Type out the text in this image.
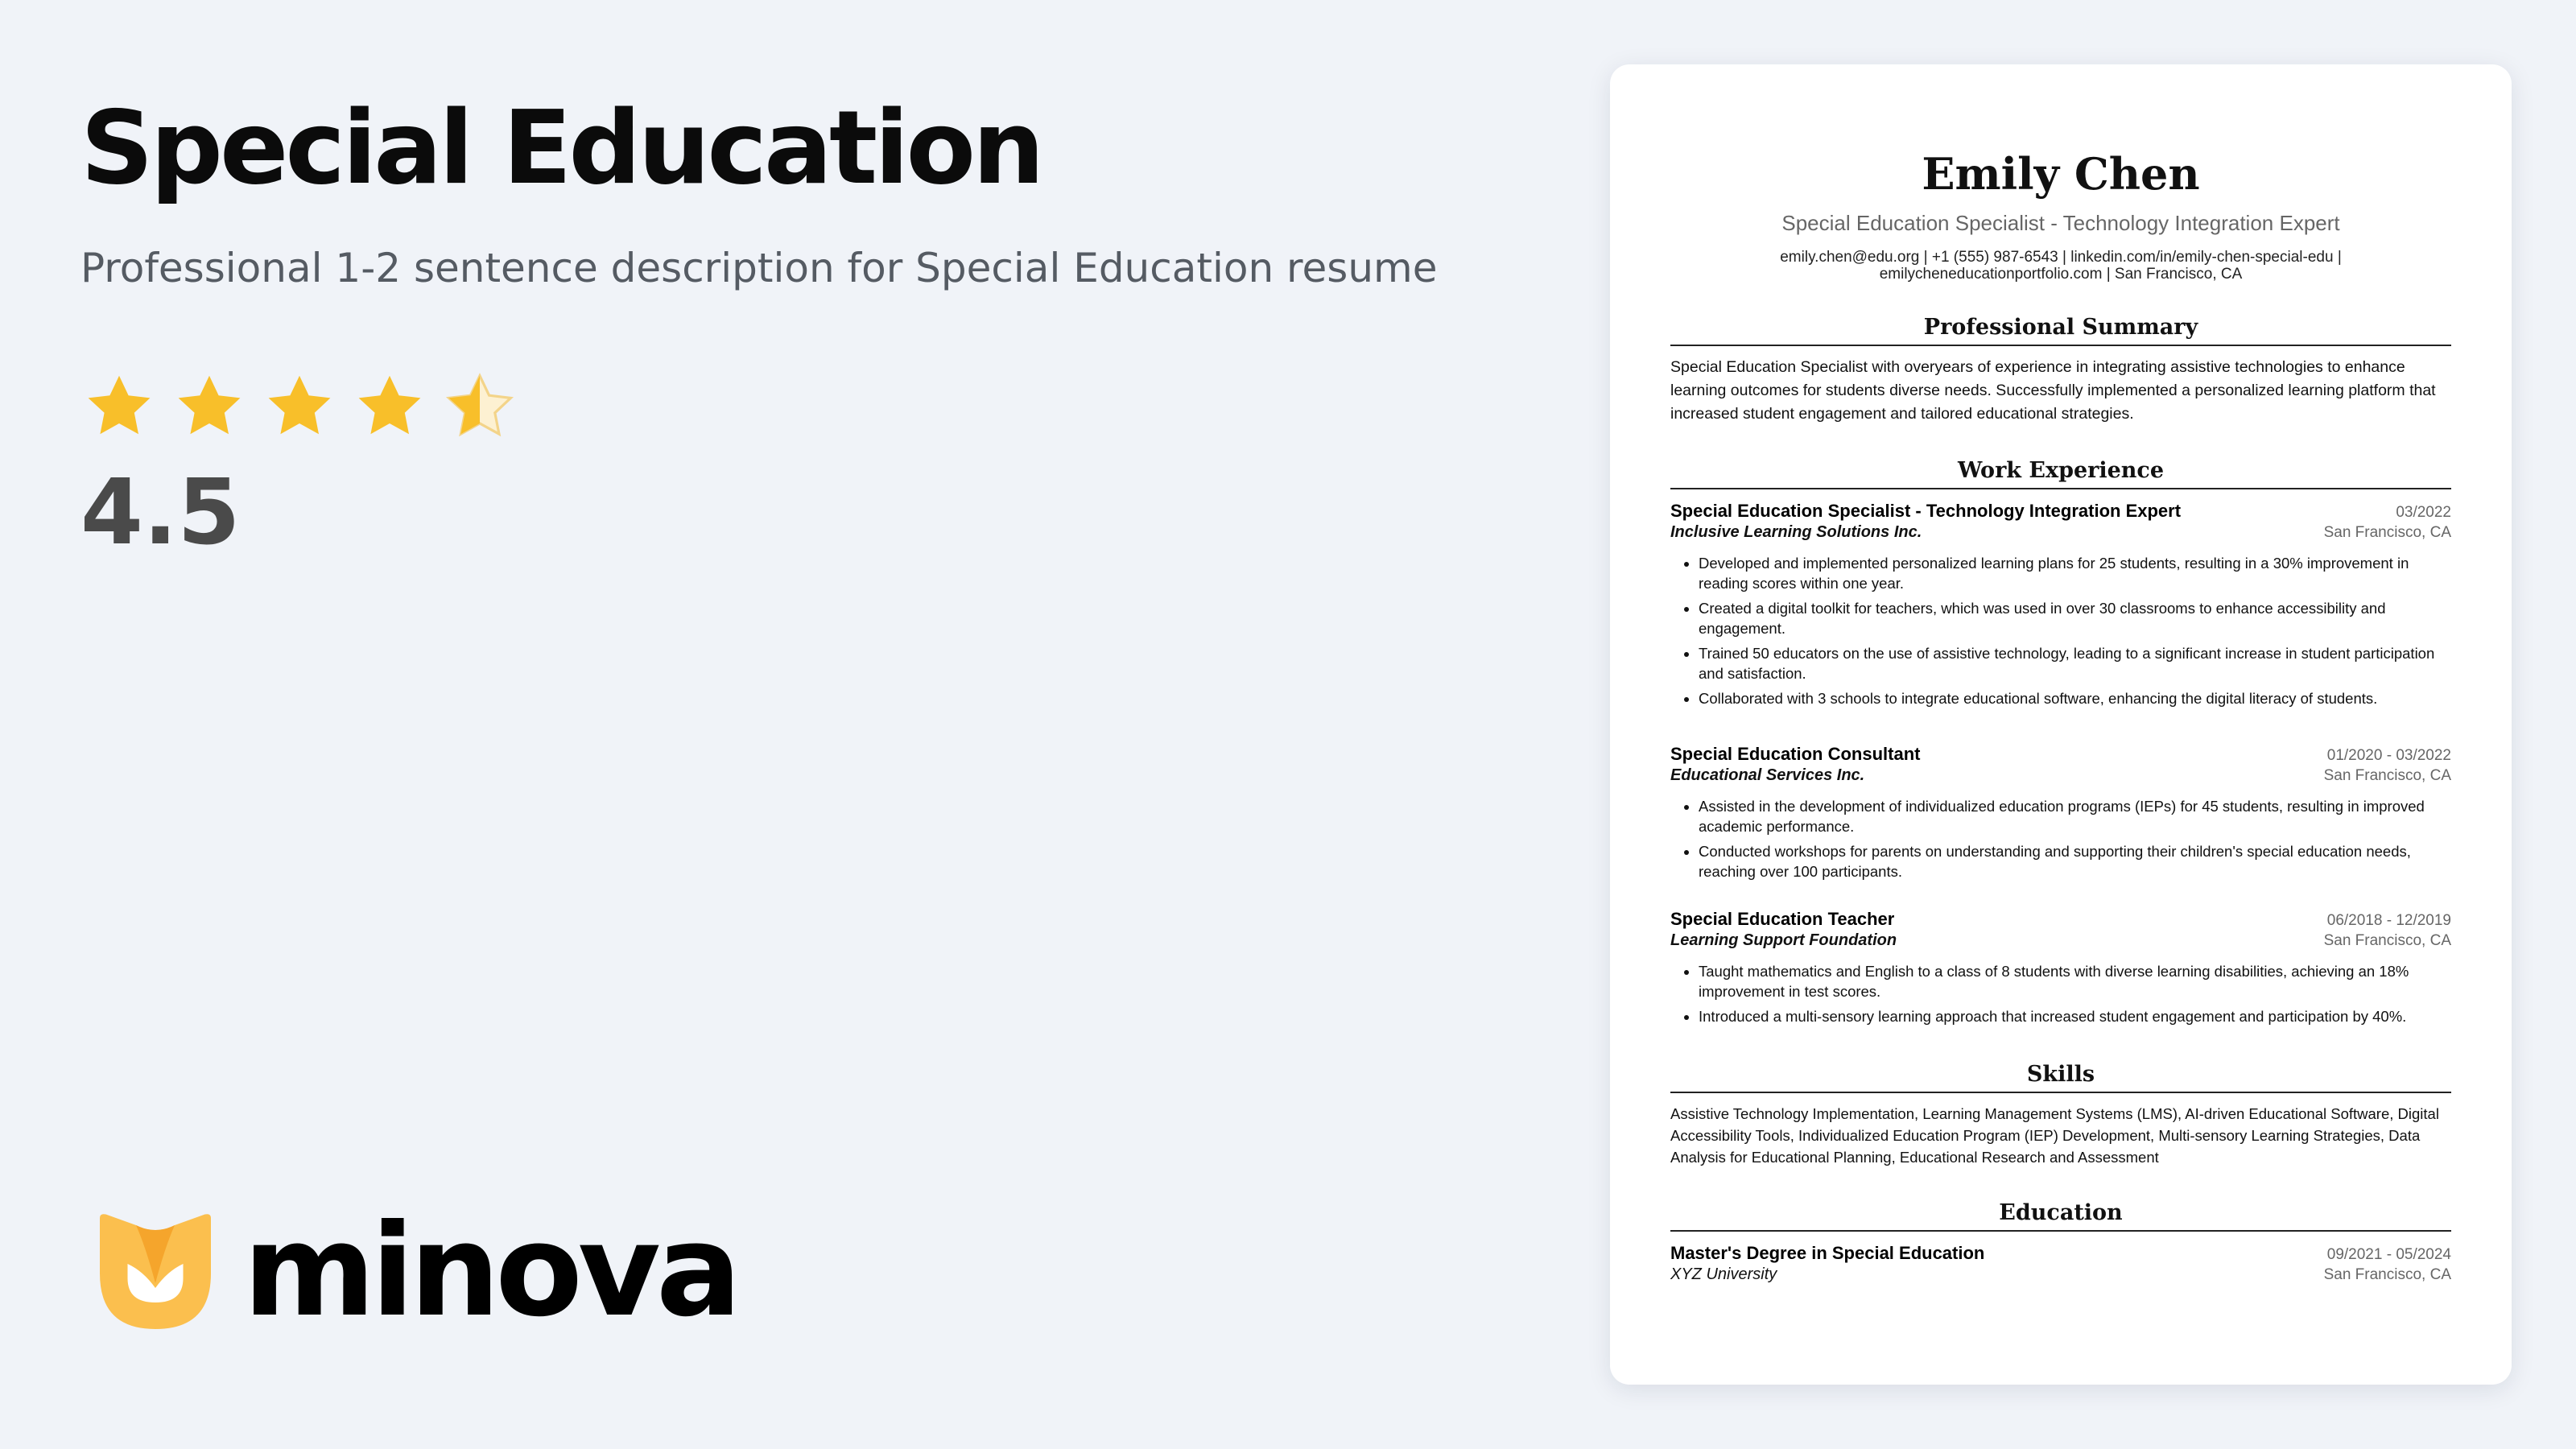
Special Education
Professional 1-2 sentence description for Special Education resume
4.5
minova
Emily Chen
Special Education Specialist - Technology Integration Expert
emily.chen@edu.org | +1 (555) 987-6543 | linkedin.com/in/emily-chen-special-edu | emilycheneducationportfolio.com | San Francisco, CA
Professional Summary
Special Education Specialist with overyears of experience in integrating assistive technologies to enhance learning outcomes for students diverse needs. Successfully implemented a personalized learning platform that increased student engagement and tailored educational strategies.
Work Experience
Special Education Specialist - Technology Integration Expert	03/2022
Inclusive Learning Solutions Inc.	San Francisco, CA
• Developed and implemented personalized learning plans for 25 students, resulting in a 30% improvement in reading scores within one year.
• Created a digital toolkit for teachers, which was used in over 30 classrooms to enhance accessibility and engagement.
• Trained 50 educators on the use of assistive technology, leading to a significant increase in student participation and satisfaction.
• Collaborated with 3 schools to integrate educational software, enhancing the digital literacy of students.
Special Education Consultant	01/2020 - 03/2022
Educational Services Inc.	San Francisco, CA
• Assisted in the development of individualized education programs (IEPs) for 45 students, resulting in improved academic performance.
• Conducted workshops for parents on understanding and supporting their children's special education needs, reaching over 100 participants.
Special Education Teacher	06/2018 - 12/2019
Learning Support Foundation	San Francisco, CA
• Taught mathematics and English to a class of 8 students with diverse learning disabilities, achieving an 18% improvement in test scores.
• Introduced a multi-sensory learning approach that increased student engagement and participation by 40%.
Skills
Assistive Technology Implementation, Learning Management Systems (LMS), AI-driven Educational Software, Digital Accessibility Tools, Individualized Education Program (IEP) Development, Multi-sensory Learning Strategies, Data Analysis for Educational Planning, Educational Research and Assessment
Education
Master's Degree in Special Education	09/2021 - 05/2024
XYZ University	San Francisco, CA
